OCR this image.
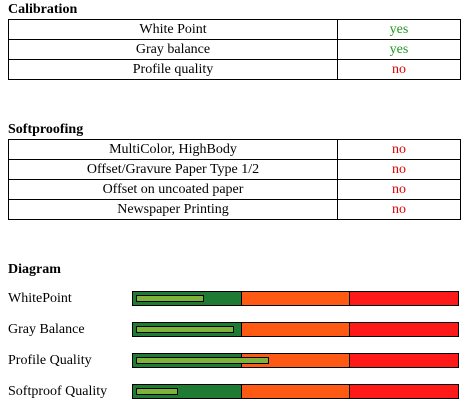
Calibration
White Point	yes
Gray balance	yes
Profile quality	no
Softproofing
MultiColor, HighBody	no
Offset/Gravure Paper Type 1/2	no
Offset on uncoated paper	no
Newspaper Printing	no
Diagram
WhitePoint
Gray Balance
Profile Quality
Softproof Quality
